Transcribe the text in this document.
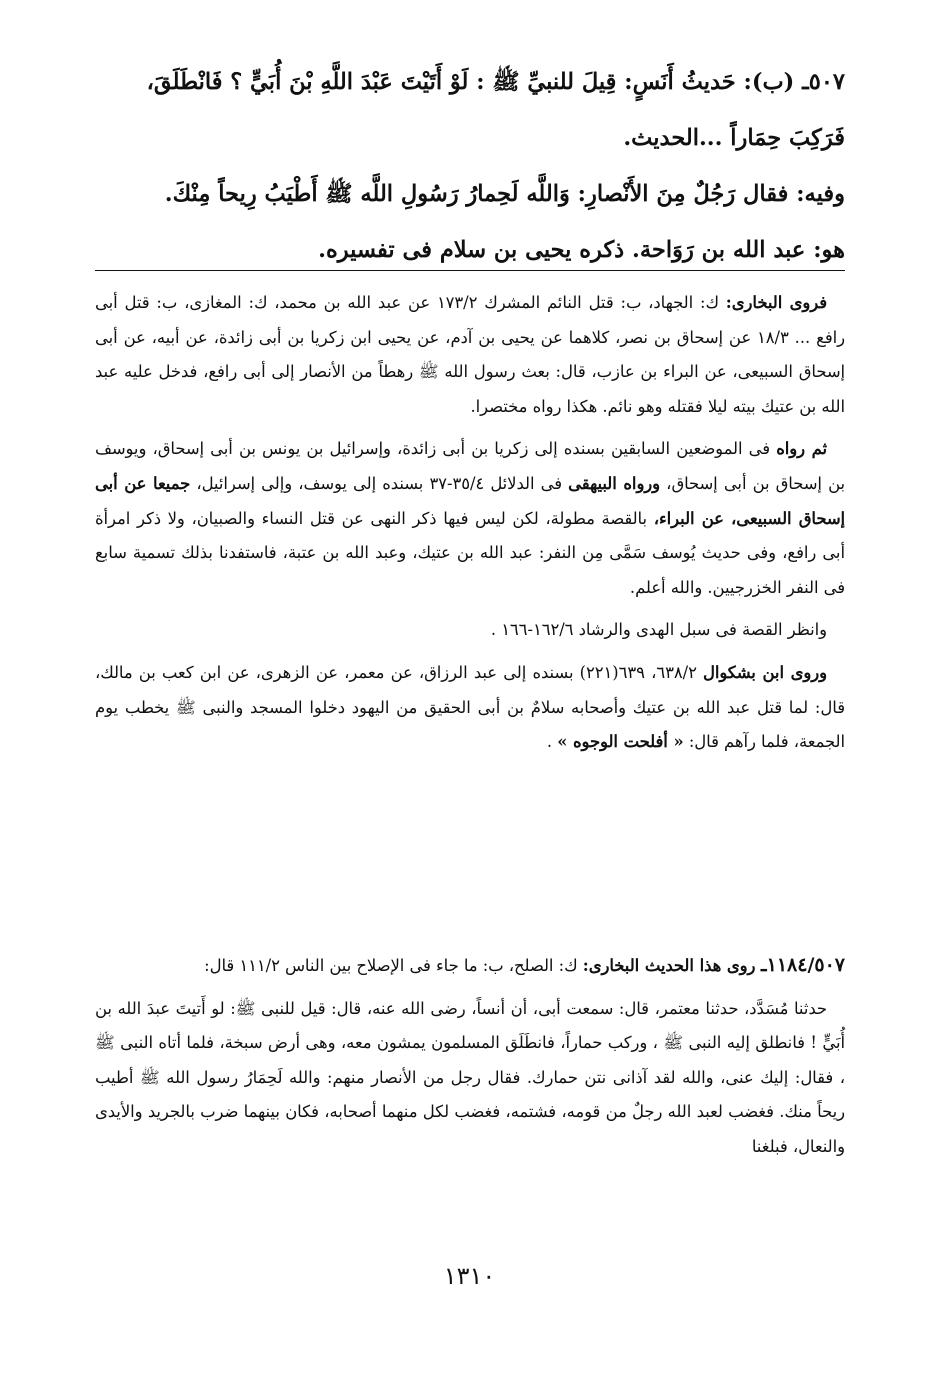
٥٠٧ـ (ب): حَديثُ أَنَسٍ: قِيلَ للنبيِّ ﷺ : لَوْ أَتَيْتَ عَبْدَ اللَّهِ بْنَ أُبَيٍّ ؟ فَانْطَلَقَ،

فَرَكِبَ حِمَاراً ...الحديث.

وفيه: فقال رَجُلٌ مِنَ الأَنْصارِ: وَاللَّه لَحِمارُ رَسُولِ اللَّه ﷺ أَطْيَبُ رِيحاً مِنْكَ.

هو: عبد الله بن رَوَاحة. ذكره يحيى بن سلام فى تفسيره.

فروى البخارى: ك: الجهاد، ب: قتل النائم المشرك ١٧٣/٢ عن عبد الله بن محمد، ك: المغازى، ب: قتل أبى رافع ... ١٨/٣ عن إسحاق بن نصر، كلاهما عن يحيى بن آدم، عن يحيى ابن زكريا بن أبى زائدة، عن أبيه، عن أبى إسحاق السبيعى، عن البراء بن عازب، قال: بعث رسول الله ﷺ رهطاً من الأنصار إلى أبى رافع، فدخل عليه عبد الله بن عتيك بيته ليلا فقتله وهو نائم. هكذا رواه مختصرا.

ثم رواه فى الموضعين السابقين بسنده إلى زكريا بن أبى زائدة، وإسرائيل بن يونس بن أبى إسحاق، ويوسف بن إسحاق بن أبى إسحاق، ورواه البيهقى فى الدلائل ٣٥/٤-٣٧ بسنده إلى يوسف، وإلى إسرائيل، جميعا عن أبى إسحاق السبيعى، عن البراء، بالقصة مطولة، لكن ليس فيها ذكر النهى عن قتل النساء والصبيان، ولا ذكر امرأة أبى رافع، وفى حديث يُوسف سَمَّى مِن النفر: عبد الله بن عتيك، وعبد الله بن عتبة، فاستفدنا بذلك تسمية سابع فى النفر الخزرجيين. والله أعلم.

وانظر القصة فى سبل الهدى والرشاد ١٦٢/٦-١٦٦ .

وروى ابن بشكوال ٦٣٨/٢، ٦٣٩(٢٢١) بسنده إلى عبد الرزاق، عن معمر، عن الزهرى، عن ابن كعب بن مالك، قال: لما قتل عبد الله بن عتيك وأصحابه سلامٌ بن أبى الحقيق من اليهود دخلوا المسجد والنبى ﷺ يخطب يوم الجمعة، فلما رآهم قال: « أفلحت الوجوه » .

١١٨٤/٥٠٧ـ روى هذا الحديث البخارى: ك: الصلح، ب: ما جاء فى الإصلاح بين الناس ١١١/٢ قال:

حدثنا مُسَدَّد، حدثنا معتمر، قال: سمعت أبى، أن أنساً، رضى الله عنه، قال: قيل للنبى ﷺ: لو أَتيتَ عبدَ الله بن أُبَيٍّ ! فانطلق إليه النبى ﷺ ، وركب حماراً، فانطَلَق المسلمون يمشون معه، وهى أرض سبخة، فلما أتاه النبى ﷺ ، فقال: إليك عنى، والله لقد آذانى نتن حمارك. فقال رجل من الأنصار منهم: والله لَحِمَارُ رسول الله ﷺ أطيب ريحاً منك. فغضب لعبد الله رجلٌ من قومه، فشتمه، فغضب لكل منهما أصحابه، فكان بينهما ضرب بالجريد والأيدى والنعال، فبلغنا

١٣١٠
